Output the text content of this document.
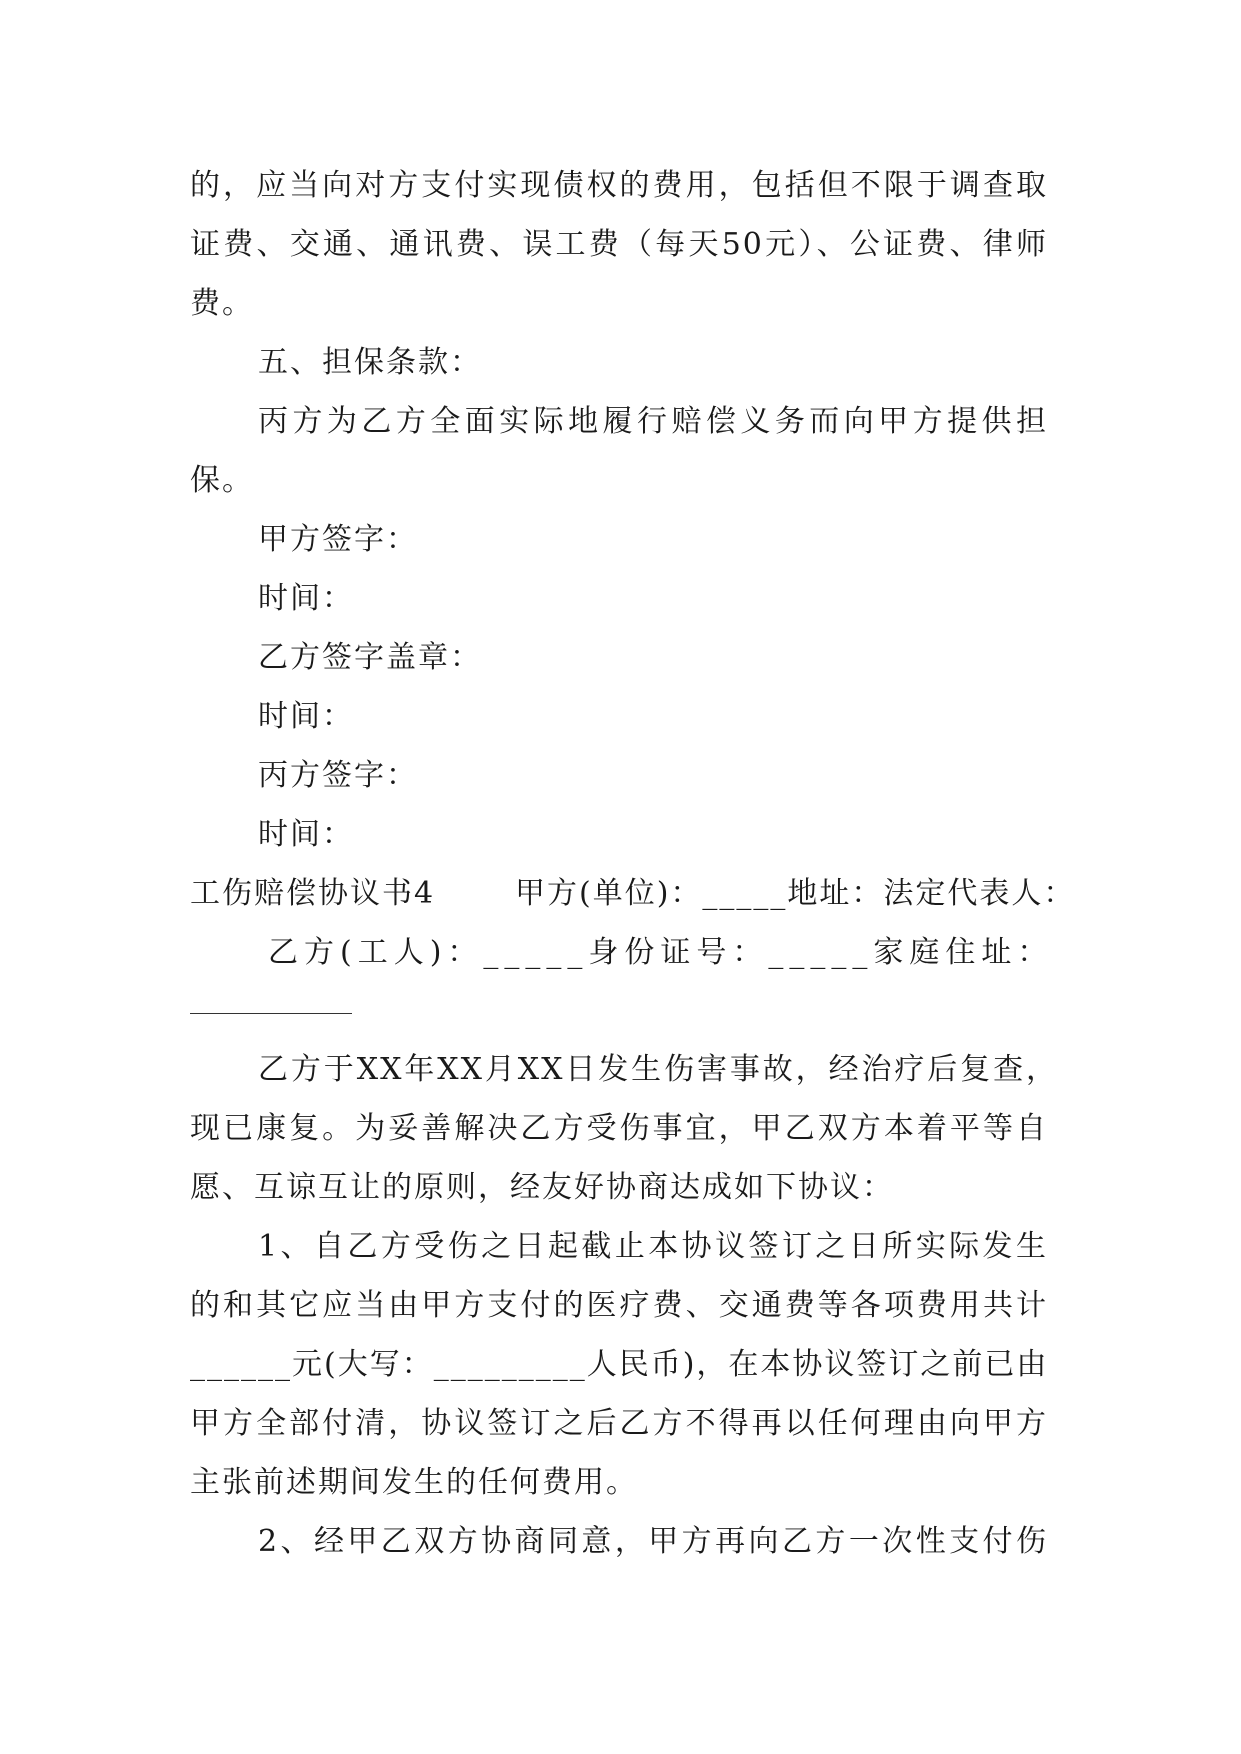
的，应当向对方支付实现债权的费用，包括但不限于调查取
证费、交通、通讯费、误工费（每天50元）、公证费、律师
费。
五、担保条款：
丙方为乙方全面实际地履行赔偿义务而向甲方提供担
保。
甲方签字：
时间：
乙方签字盖章：
时间：
丙方签字：
时间：
工伤赔偿协议书4	甲方(单位)：_____地址：法定代表人：
乙方(工人)：_____身份证号：_____家庭住址：
乙方于XX年XX月XX日发生伤害事故，经治疗后复查，
现已康复。为妥善解决乙方受伤事宜，甲乙双方本着平等自
愿、互谅互让的原则，经友好协商达成如下协议：
1、自乙方受伤之日起截止本协议签订之日所实际发生
的和其它应当由甲方支付的医疗费、交通费等各项费用共计
______元(大写：_________人民币)，在本协议签订之前已由
甲方全部付清，协议签订之后乙方不得再以任何理由向甲方
主张前述期间发生的任何费用。
2、经甲乙双方协商同意，甲方再向乙方一次性支付伤
